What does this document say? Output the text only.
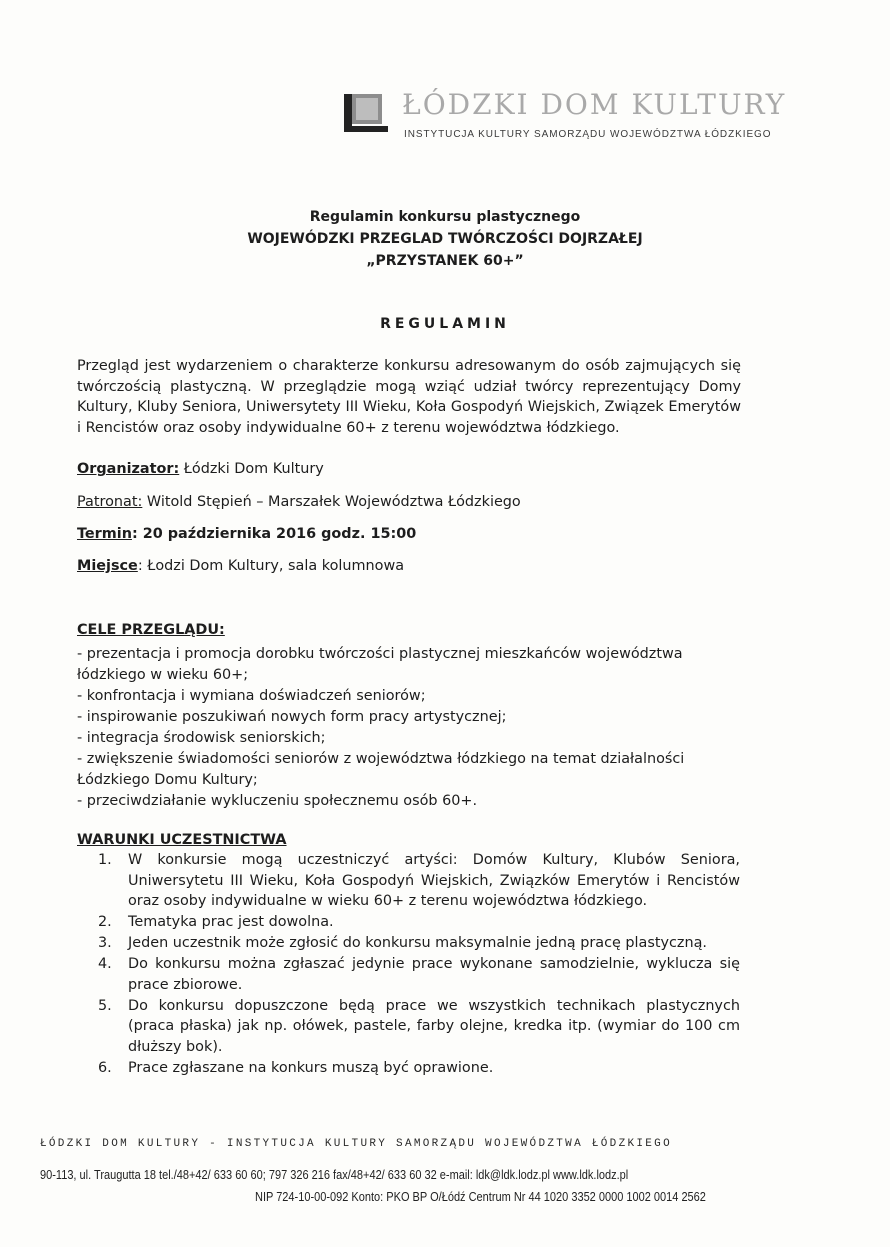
ŁÓDZKI DOM KULTURY
INSTYTUCJA KULTURY SAMORZĄDU WOJEWÓDZTWA ŁÓDZKIEGO
Regulamin konkursu plastycznego
WOJEWÓDZKI PRZEGLAD TWÓRCZOŚCI DOJRZAŁEJ
„PRZYSTANEK 60+”
REGULAMIN

Przegląd jest wydarzeniem o charakterze konkursu adresowanym do osób zajmujących się twórczością plastyczną. W przeglądzie mogą wziąć udział twórcy reprezentujący Domy Kultury, Kluby Seniora, Uniwersytety III Wieku, Koła Gospodyń Wiejskich, Związek Emerytów i Rencistów oraz osoby indywidualne 60+ z terenu województwa łódzkiego.

Organizator: Łódzki Dom Kultury
Patronat: Witold Stępień – Marszałek Województwa Łódzkiego
Termin: 20 października 2016 godz. 15:00
Miejsce: Łodzi Dom Kultury, sala kolumnowa
CELE PRZEGLĄDU:
- prezentacja i promocja dorobku twórczości plastycznej mieszkańców województwa łódzkiego w wieku 60+;
- konfrontacja i wymiana doświadczeń seniorów;
- inspirowanie poszukiwań nowych form pracy artystycznej;
- integracja środowisk seniorskich;
- zwiększenie świadomości seniorów z województwa łódzkiego na temat działalności Łódzkiego Domu Kultury;
- przeciwdziałanie wykluczeniu społecznemu osób 60+.
WARUNKI UCZESTNICTWA
1. W konkursie mogą uczestniczyć artyści: Domów Kultury, Klubów Seniora, Uniwersytetu III Wieku, Koła Gospodyń Wiejskich, Związków Emerytów i Rencistów oraz osoby indywidualne w wieku 60+ z terenu województwa łódzkiego.
2. Tematyka prac jest dowolna.
3. Jeden uczestnik może zgłosić do konkursu maksymalnie jedną pracę plastyczną.
4. Do konkursu można zgłaszać jedynie prace wykonane samodzielnie, wyklucza się prace zbiorowe.
5. Do konkursu dopuszczone będą prace we wszystkich technikach plastycznych (praca płaska) jak np. ołówek, pastele, farby olejne, kredka itp. (wymiar do 100 cm dłuższy bok).
6. Prace zgłaszane na konkurs muszą być oprawione.
ŁÓDZKI DOM KULTURY - INSTYTUCJA KULTURY SAMORZĄDU WOJEWÓDZTWA ŁÓDZKIEGO
90-113, ul. Traugutta 18 tel./48+42/ 633 60 60; 797 326 216 fax/48+42/ 633 60 32 e-mail: ldk@ldk.lodz.pl www.ldk.lodz.pl
NIP 724-10-00-092 Konto: PKO BP O/Łódź Centrum Nr 44 1020 3352 0000 1002 0014 2562
